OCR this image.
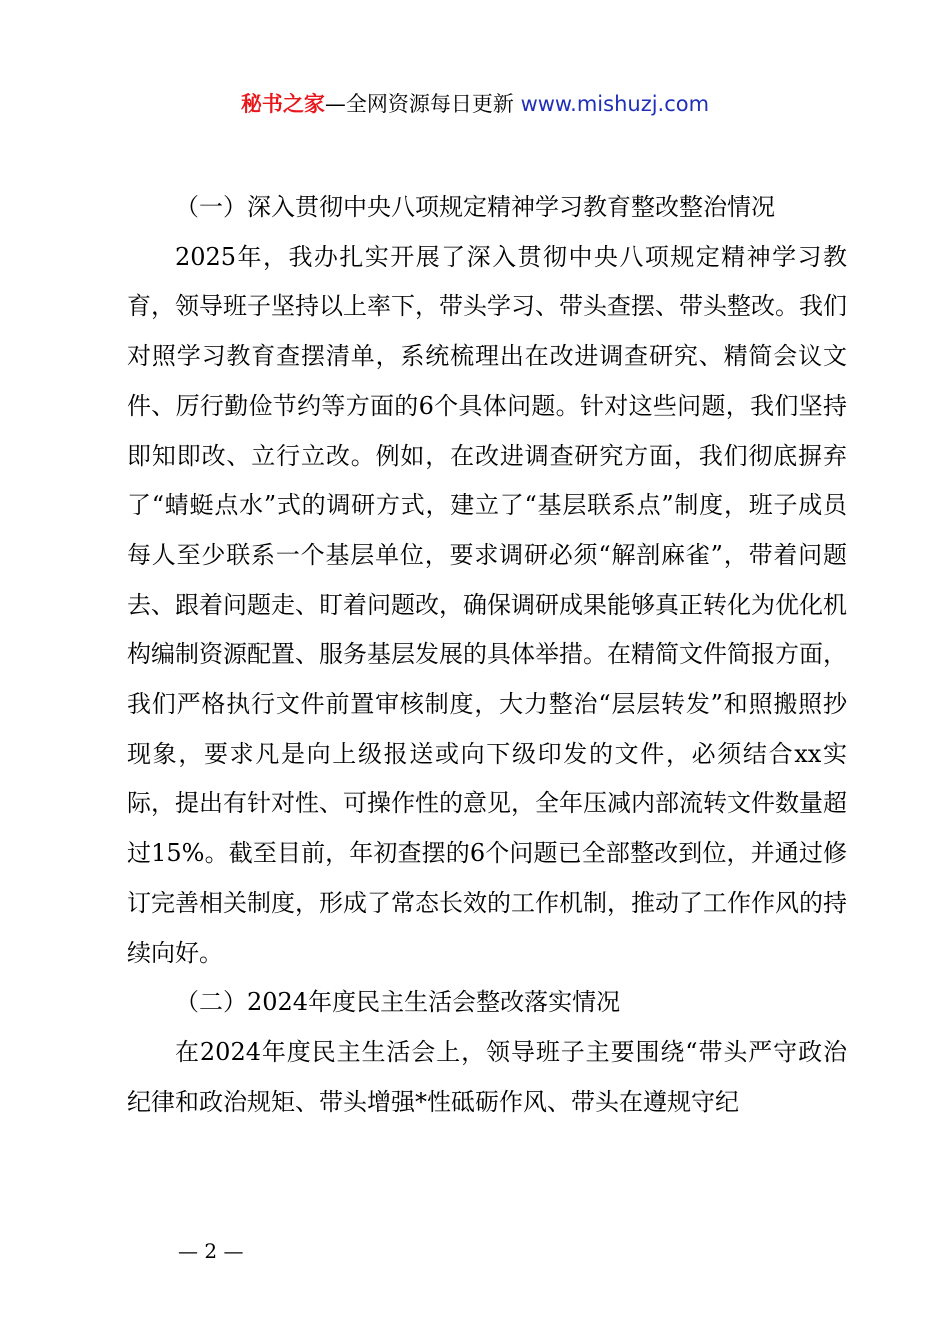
秘书之家—全网资源每日更新 www.mishuzj.com

（一）深入贯彻中央八项规定精神学习教育整改整治情况

2025年，我办扎实开展了深入贯彻中央八项规定精神学习教育，领导班子坚持以上率下，带头学习、带头查摆、带头整改。我们对照学习教育查摆清单，系统梳理出在改进调查研究、精简会议文件、厉行勤俭节约等方面的6个具体问题。针对这些问题，我们坚持即知即改、立行立改。例如，在改进调查研究方面，我们彻底摒弃了“蜻蜓点水”式的调研方式，建立了“基层联系点”制度，班子成员每人至少联系一个基层单位，要求调研必须“解剖麻雀”，带着问题去、跟着问题走、盯着问题改，确保调研成果能够真正转化为优化机构编制资源配置、服务基层发展的具体举措。在精简文件简报方面，我们严格执行文件前置审核制度，大力整治“层层转发”和照搬照抄现象，要求凡是向上级报送或向下级印发的文件，必须结合xx实际，提出有针对性、可操作性的意见，全年压减内部流转文件数量超过15%。截至目前，年初查摆的6个问题已全部整改到位，并通过修订完善相关制度，形成了常态长效的工作机制，推动了工作作风的持续向好。

（二）2024年度民主生活会整改落实情况

在2024年度民主生活会上，领导班子主要围绕“带头严守政治纪律和政治规矩、带头增强*性砥砺作风、带头在遵规守纪

— 2 —
